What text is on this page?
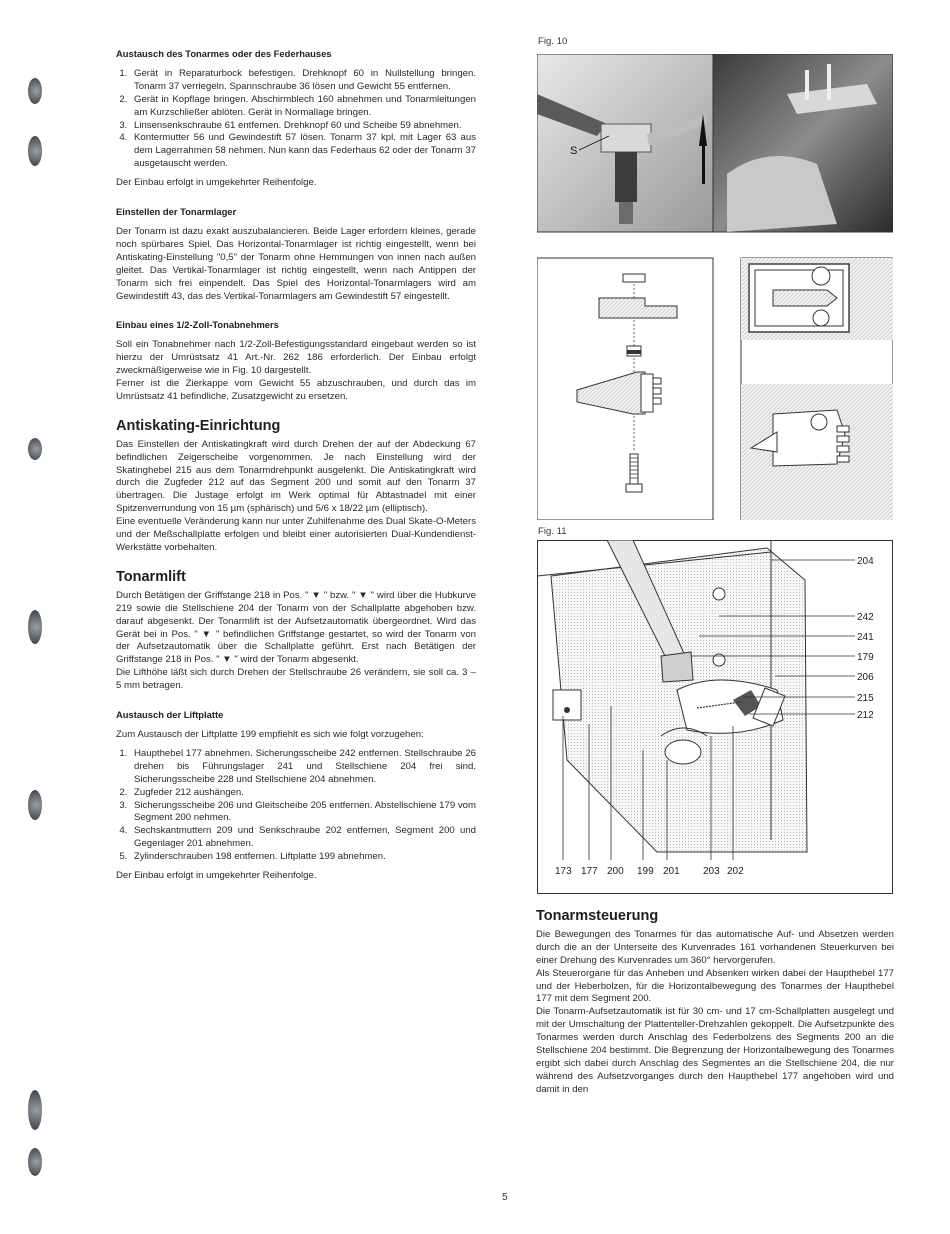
Austausch des Tonarmes oder des Federhauses
1. Gerät in Reparaturbock befestigen. Drehknopf 60 in Nullstellung bringen. Tonarm 37 verriegeln. Spannschraube 36 lösen und Gewicht 55 entfernen.
2. Gerät in Kopflage bringen. Abschirmblech 160 abnehmen und Tonarmleitungen am Kurzschließer ablöten. Gerät in Normallage bringen.
3. Linsensenkschraube 61 entfernen. Drehknopf 60 und Scheibe 59 abnehmen.
4. Kontermutter 56 und Gewindestift 57 lösen. Tonarm 37 kpl. mit Lager 63 aus dem Lagerrahmen 58 nehmen. Nun kann das Federhaus 62 oder der Tonarm 37 ausgetauscht werden.

Der Einbau erfolgt in umgekehrter Reihenfolge.

Einstellen der Tonarmlager

Der Tonarm ist dazu exakt auszubalancieren. Beide Lager erfordern kleines, gerade noch spürbares Spiel. Das Horizontal-Tonarmlager ist richtig eingestellt, wenn bei Antiskating-Einstellung "0,5" der Tonarm ohne Hemmungen von innen nach außen gleitet. Das Vertikal-Tonarmlager ist richtig eingestellt, wenn nach Antippen der Tonarm sich frei einpendelt. Das Spiel des Horizontal-Tonarmlagers wird am Gewindestift 43, das des Vertikal-Tonarmlagers am Gewindestift 57 eingestellt.

Einbau eines 1/2-Zoll-Tonabnehmers

Soll ein Tonabnehmer nach 1/2-Zoll-Befestigungsstandard eingebaut werden so ist hierzu der Umrüstsatz 41 Art.-Nr. 262 186 erforderlich. Der Einbau erfolgt zweckmäßigerweise wie in Fig. 10 dargestellt.

Ferner ist die Zierkappe vom Gewicht 55 abzuschrauben, und durch das im Umrüstsatz 41 befindliche, Zusatzgewicht zu ersetzen.

Antiskating-Einrichtung

Das Einstellen der Antiskatingkraft wird durch Drehen der auf der Abdeckung 67 befindlichen Zeigerscheibe vorgenommen. Je nach Einstellung wird der Skatinghebel 215 aus dem Tonarmdrehpunkt ausgelenkt. Die Antiskatingkraft wird durch die Zugfeder 212 auf das Segment 200 und somit auf den Tonarm 37 übertragen. Die Justage erfolgt im Werk optimal für Abtastnadel mit einer Spitzenverrundung von 15 µm (sphärisch) und 5/6 x 18/22 µm (elliptisch).

Eine eventuelle Veränderung kann nur unter Zuhilfenahme des Dual Skate-O-Meters und der Meßschallplatte erfolgen und bleibt einer autorisierten Dual-Kundendienst-Werkstätte vorbehalten.

Tonarmlift

Durch Betätigen der Griffstange 218 in Pos. " ▼ " bzw. " ▼ " wird über die Hubkurve 219 sowie die Stellschiene 204 der Tonarm von der Schallplatte abgehoben bzw. darauf abgesenkt. Der Tonarmlift ist der Aufsetzautomatik übergeordnet. Wird das Gerät bei in Pos. " ▼ " befindlichen Griffstange gestartet, so wird der Tonarm von der Aufsetzautomatik über die Schallplatte geführt. Erst nach Betätigen der Griffstange 218 in Pos. " ▼ " wird der Tonarm abgesenkt.

Die Lifthöhe läßt sich durch Drehen der Stellschraube 26 verändern, sie soll ca. 3 – 5 mm betragen.

Austausch der Liftplatte

Zum Austausch der Liftplatte 199 empfiehlt es sich wie folgt vorzugehen:

1. Haupthebel 177 abnehmen. Sicherungsscheibe 242 entfernen. Stellschraube 26 drehen bis Führungslager 241 und Stellschiene 204 frei sind. Sicherungsscheibe 228 und Stellschiene 204 abnehmen.
2. Zugfeder 212 aushängen.
3. Sicherungsscheibe 206 und Gleitscheibe 205 entfernen. Abstellschiene 179 vom Segment 200 nehmen.
4. Sechskantmuttern 209 und Senkschraube 202 entfernen, Segment 200 und Gegenlager 201 abnehmen.
5. Zylinderschrauben 198 entfernen. Liftplatte 199 abnehmen.

Der Einbau erfolgt in umgekehrter Reihenfolge.

Fig. 10
S
Fig. 11
204
242
241
179
206
215
212
173 177 200 199 201 203 202
Tonarmsteuerung

Die Bewegungen des Tonarmes für das automatische Auf- und Absetzen werden durch die an der Unterseite des Kurvenrades 161 vorhandenen Steuerkurven bei einer Drehung des Kurvenrades um 360° hervorgerufen.

Als Steuerorgane für das Anheben und Absenken wirken dabei der Haupthebel 177 und der Heberbolzen, für die Horizontalbewegung des Tonarmes der Haupthebel 177 mit dem Segment 200.

Die Tonarm-Aufsetzautomatik ist für 30 cm- und 17 cm-Schallplatten ausgelegt und mit der Umschaltung der Plattenteller-Drehzahlen gekoppelt. Die Aufsetzpunkte des Tonarmes werden durch Anschlag des Federbolzens des Segments 200 an die Stellschiene 204 bestimmt. Die Begrenzung der Horizontalbewegung des Tonarmes ergibt sich dabei durch Anschlag des Segmentes an die Stellschiene 204, die nur während des Aufsetzvorganges durch den Haupthebel 177 angehoben wird und damit in den

5
